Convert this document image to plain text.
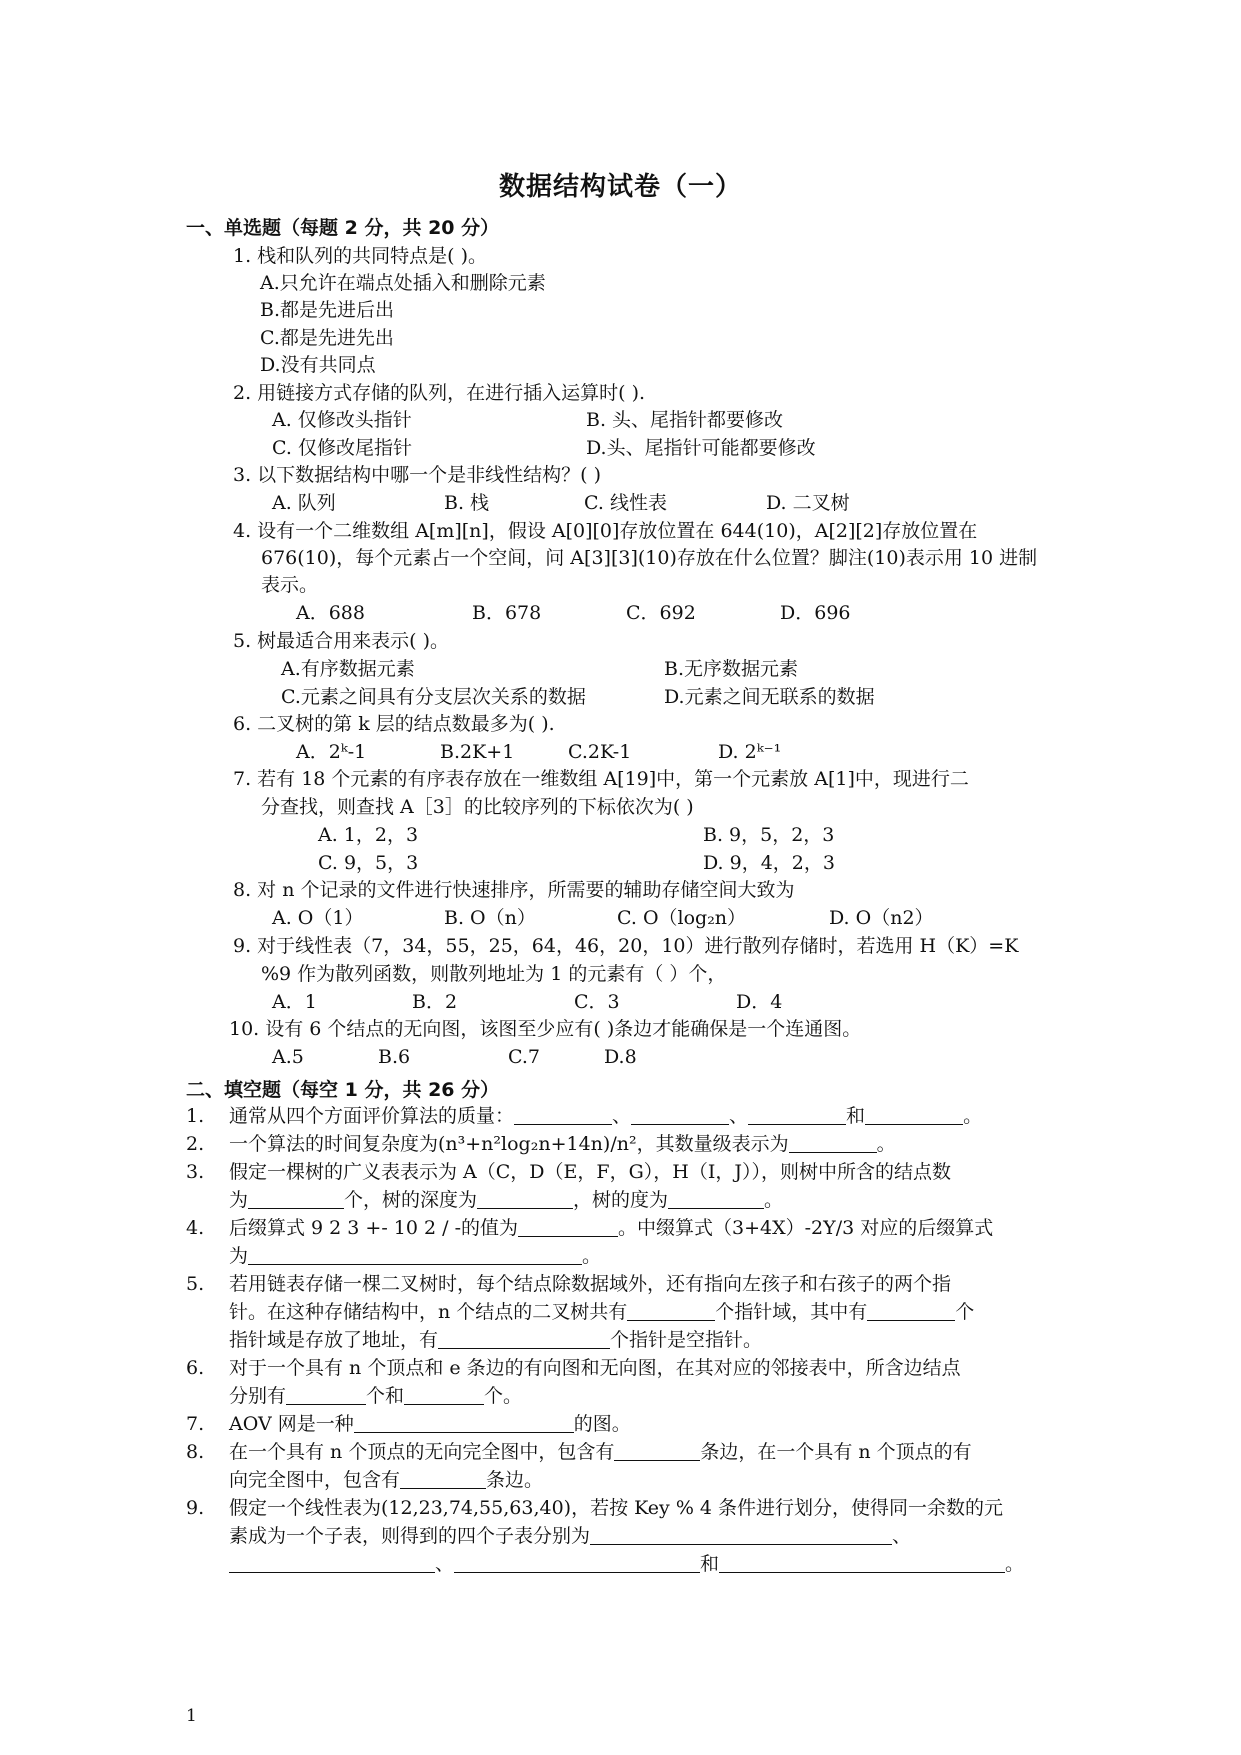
数据结构试卷（一）
一、单选题（每题 2 分，共 20 分）
1. 栈和队列的共同特点是( )。
A.只允许在端点处插入和删除元素
B.都是先进后出
C.都是先进先出
D.没有共同点
2. 用链接方式存储的队列，在进行插入运算时( ).
A. 仅修改头指针	B. 头、尾指针都要修改
C. 仅修改尾指针	D.头、尾指针可能都要修改
3. 以下数据结构中哪一个是非线性结构？( )
A. 队列	B. 栈	C. 线性表	D. 二叉树
4. 设有一个二维数组 A[m][n]，假设 A[0][0]存放位置在 644(10)，A[2][2]存放位置在
676(10)，每个元素占一个空间，问 A[3][3](10)存放在什么位置？脚注(10)表示用 10 进制
表示。
A．688	B．678	C．692	D．696
5. 树最适合用来表示( )。
A.有序数据元素	B.无序数据元素
C.元素之间具有分支层次关系的数据	D.元素之间无联系的数据
6. 二叉树的第 k 层的结点数最多为( ).
A．2ᵏ-1	B.2K+1	C.2K-1	D. 2ᵏ⁻¹
7. 若有 18 个元素的有序表存放在一维数组 A[19]中，第一个元素放 A[1]中，现进行二
分查找，则查找 A［3］的比较序列的下标依次为( )
A. 1，2，3	B. 9，5，2，3
C. 9，5，3	D. 9，4，2，3
8. 对 n 个记录的文件进行快速排序，所需要的辅助存储空间大致为
A. O（1）	B. O（n）	C. O（log₂n）	D. O（n2）
9. 对于线性表（7，34，55，25，64，46，20，10）进行散列存储时，若选用 H（K）=K
%9 作为散列函数，则散列地址为 1 的元素有（ ）个，
A．1	B．2	C．3	D．4
10. 设有 6 个结点的无向图，该图至少应有( )条边才能确保是一个连通图。
A.5	B.6	C.7	D.8
二、填空题（每空 1 分，共 26 分）
1. 通常从四个方面评价算法的质量：	、	、	和	。
2. 一个算法的时间复杂度为(n³+n²log₂n+14n)/n²，其数量级表示为	。
3. 假定一棵树的广义表表示为 A（C，D（E，F，G），H（I，J）），则树中所含的结点数
为	个，树的深度为	，树的度为	。
4. 后缀算式 9 2 3 +- 10 2 / -的值为	。中缀算式（3+4X）-2Y/3 对应的后缀算式
为	。
5. 若用链表存储一棵二叉树时，每个结点除数据域外，还有指向左孩子和右孩子的两个指
针。在这种存储结构中，n 个结点的二叉树共有	个指针域，其中有	个
指针域是存放了地址，有	个指针是空指针。
6. 对于一个具有 n 个顶点和 e 条边的有向图和无向图，在其对应的邻接表中，所含边结点
分别有	个和	个。
7. AOV 网是一种	的图。
8. 在一个具有 n 个顶点的无向完全图中，包含有	条边，在一个具有 n 个顶点的有
向完全图中，包含有	条边。
9. 假定一个线性表为(12,23,74,55,63,40)，若按 Key % 4 条件进行划分，使得同一余数的元
素成为一个子表，则得到的四个子表分别为	、
、	和	。
1
